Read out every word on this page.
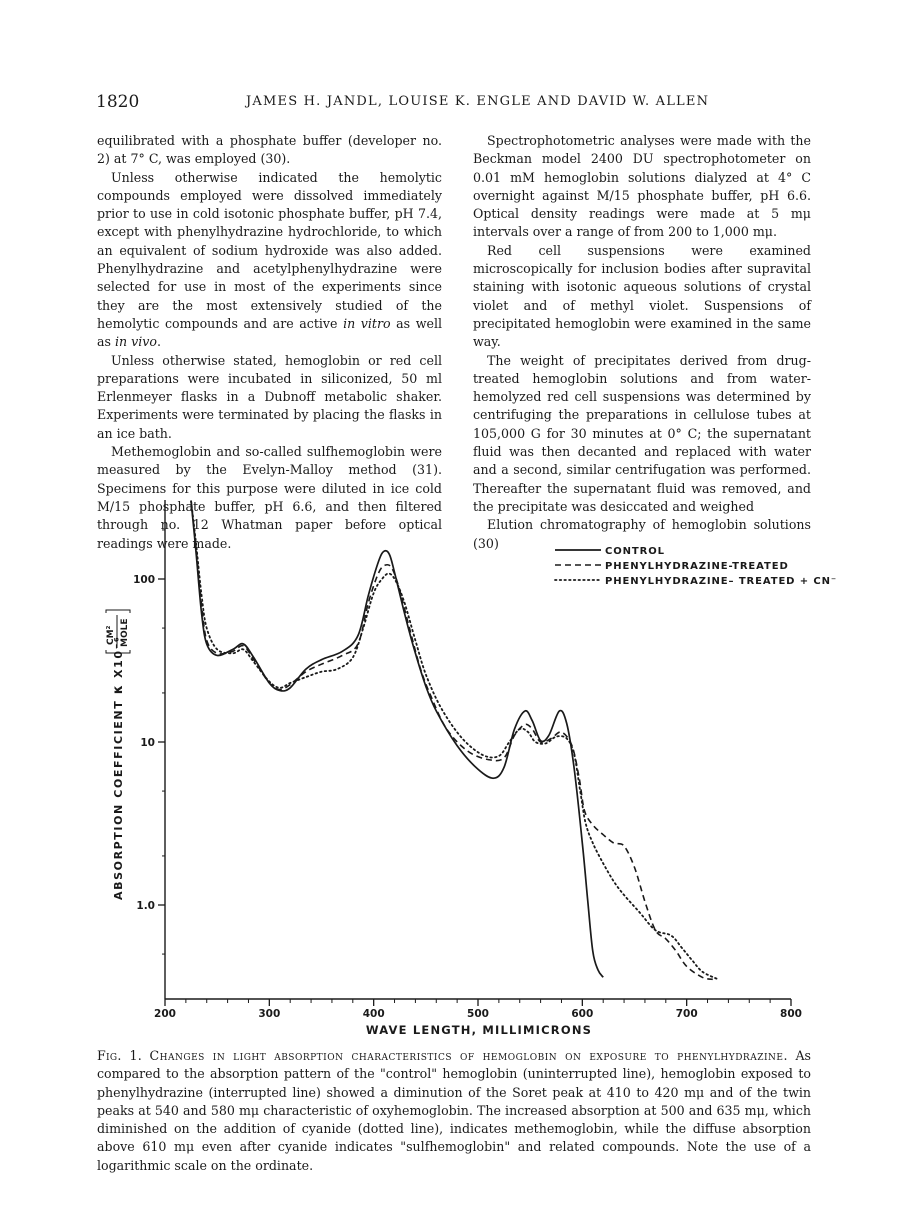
1820	JAMES H. JANDL, LOUISE K. ENGLE AND DAVID W. ALLEN

equilibrated with a phosphate buffer (developer no. 2) at 7° C, was employed (30).

Unless otherwise indicated the hemolytic compounds employed were dissolved immediately prior to use in cold isotonic phosphate buffer, pH 7.4, except with phenylhydrazine hydrochloride, to which an equivalent of sodium hydroxide was also added. Phenylhydrazine and acetylphenylhydrazine were selected for use in most of the experiments since they are the most extensively studied of the hemolytic compounds and are active in vitro as well as in vivo.

Unless otherwise stated, hemoglobin or red cell preparations were incubated in siliconized, 50 ml Erlenmeyer flasks in a Dubnoff metabolic shaker. Experiments were terminated by placing the flasks in an ice bath.

Methemoglobin and so-called sulfhemoglobin were measured by the Evelyn-Malloy method (31). Specimens for this purpose were diluted in ice cold M/15 phosphate buffer, pH 6.6, and then filtered through no. 12 Whatman paper before optical readings were made.

Spectrophotometric analyses were made with the Beckman model 2400 DU spectrophotometer on 0.01 mM hemoglobin solutions dialyzed at 4° C overnight against M/15 phosphate buffer, pH 6.6. Optical density readings were made at 5 mμ intervals over a range of from 200 to 1,000 mμ.

Red cell suspensions were examined microscopically for inclusion bodies after supravital staining with isotonic aqueous solutions of crystal violet and of methyl violet. Suspensions of precipitated hemoglobin were examined in the same way.

The weight of precipitates derived from drug-treated hemoglobin solutions and from water-hemolyzed red cell suspensions was determined by centrifuging the preparations in cellulose tubes at 105,000 G for 30 minutes at 0° C; the supernatant fluid was then decanted and replaced with water and a second, similar centrifugation was performed. Thereafter the supernatant fluid was removed, and the precipitate was desiccated and weighed

Elution chromatography of hemoglobin solutions (30)

200	300	400	500	600	700	800
1.0
10
100
CONTROL
PHENYLHYDRAZINE-TREATED
PHENYLHYDRAZINE– TREATED + CN⁻
WAVE LENGTH, MILLIMICRONS
ABSORPTION COEFFICIENT κ X10⁻⁶
CM² MOLE
Fig. 1. Changes in light absorption characteristics of hemoglobin on exposure to phenylhydrazine. As compared to the absorption pattern of the "control" hemoglobin (uninterrupted line), hemoglobin exposed to phenylhydrazine (interrupted line) showed a diminution of the Soret peak at 410 to 420 mμ and of the twin peaks at 540 and 580 mμ characteristic of oxyhemoglobin. The increased absorption at 500 and 635 mμ, which diminished on the addition of cyanide (dotted line), indicates methemoglobin, while the diffuse absorption above 610 mμ even after cyanide indicates "sulfhemoglobin" and related compounds. Note the use of a logarithmic scale on the ordinate.
